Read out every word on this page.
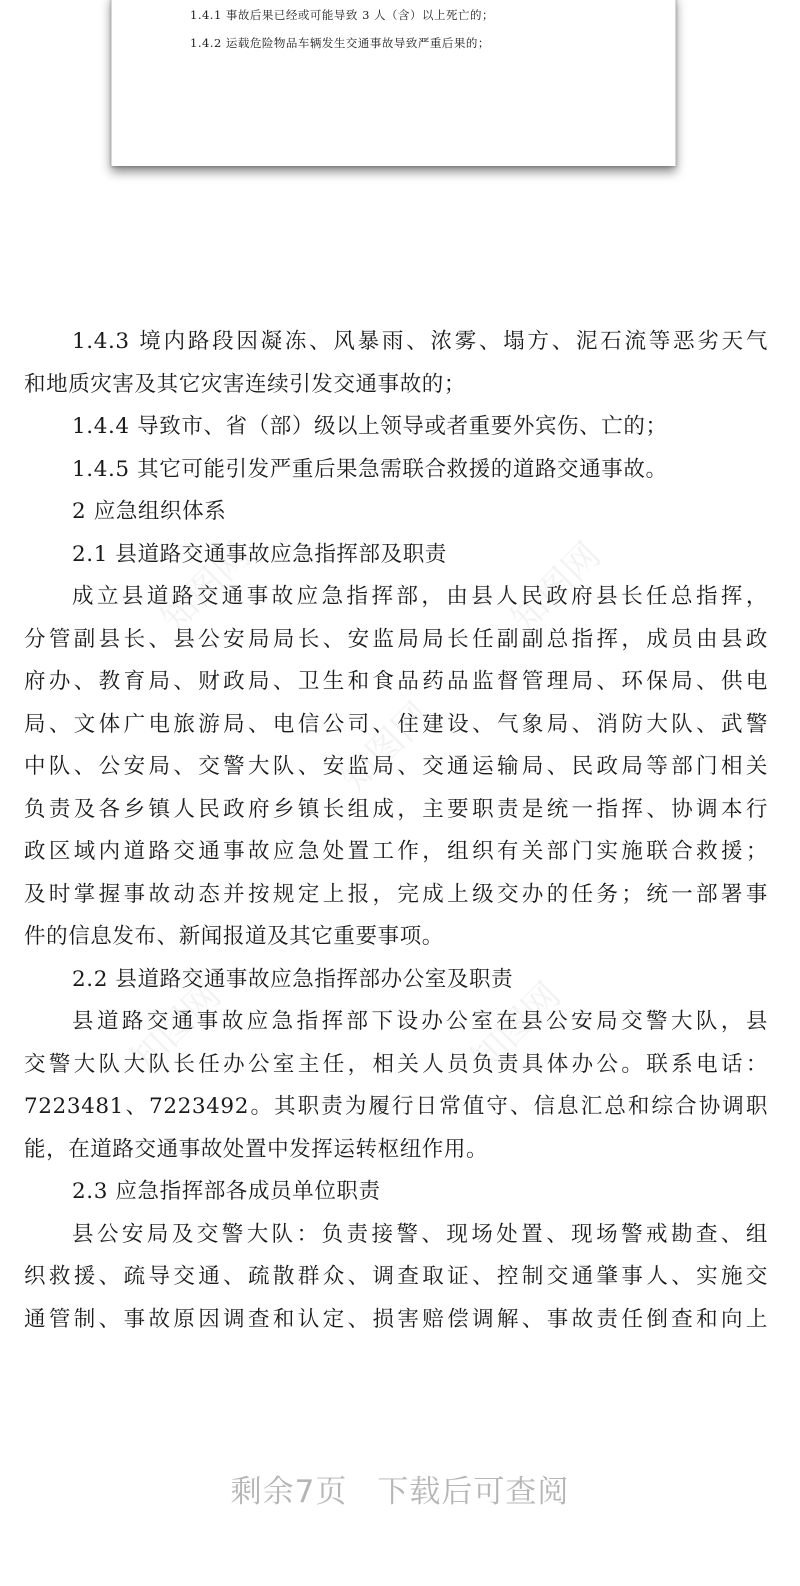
1.4.1 事故后果已经或可能导致 3 人（含）以上死亡的；
1.4.2 运载危险物品车辆发生交通事故导致严重后果的；
知图网	知图网
知图网
知图网	知图网
1.4.3 境内路段因凝冻、风暴雨、浓雾、塌方、泥石流等恶劣天气
和地质灾害及其它灾害连续引发交通事故的；
1.4.4 导致市、省（部）级以上领导或者重要外宾伤、亡的；
1.4.5 其它可能引发严重后果急需联合救援的道路交通事故。
2 应急组织体系
2.1 县道路交通事故应急指挥部及职责
成立县道路交通事故应急指挥部，由县人民政府县长任总指挥，
分管副县长、县公安局局长、安监局局长任副副总指挥，成员由县政
府办、教育局、财政局、卫生和食品药品监督管理局、环保局、供电
局、文体广电旅游局、电信公司、住建设、气象局、消防大队、武警
中队、公安局、交警大队、安监局、交通运输局、民政局等部门相关
负责及各乡镇人民政府乡镇长组成，主要职责是统一指挥、协调本行
政区域内道路交通事故应急处置工作，组织有关部门实施联合救援；
及时掌握事故动态并按规定上报，完成上级交办的任务；统一部署事
件的信息发布、新闻报道及其它重要事项。
2.2 县道路交通事故应急指挥部办公室及职责
县道路交通事故应急指挥部下设办公室在县公安局交警大队，县
交警大队大队长任办公室主任，相关人员负责具体办公。联系电话：
7223481、7223492。其职责为履行日常值守、信息汇总和综合协调职
能，在道路交通事故处置中发挥运转枢纽作用。
2.3 应急指挥部各成员单位职责
县公安局及交警大队：负责接警、现场处置、现场警戒勘查、组
织救援、疏导交通、疏散群众、调查取证、控制交通肇事人、实施交
通管制、事故原因调查和认定、损害赔偿调解、事故责任倒查和向上
剩余7页 下载后可查阅
